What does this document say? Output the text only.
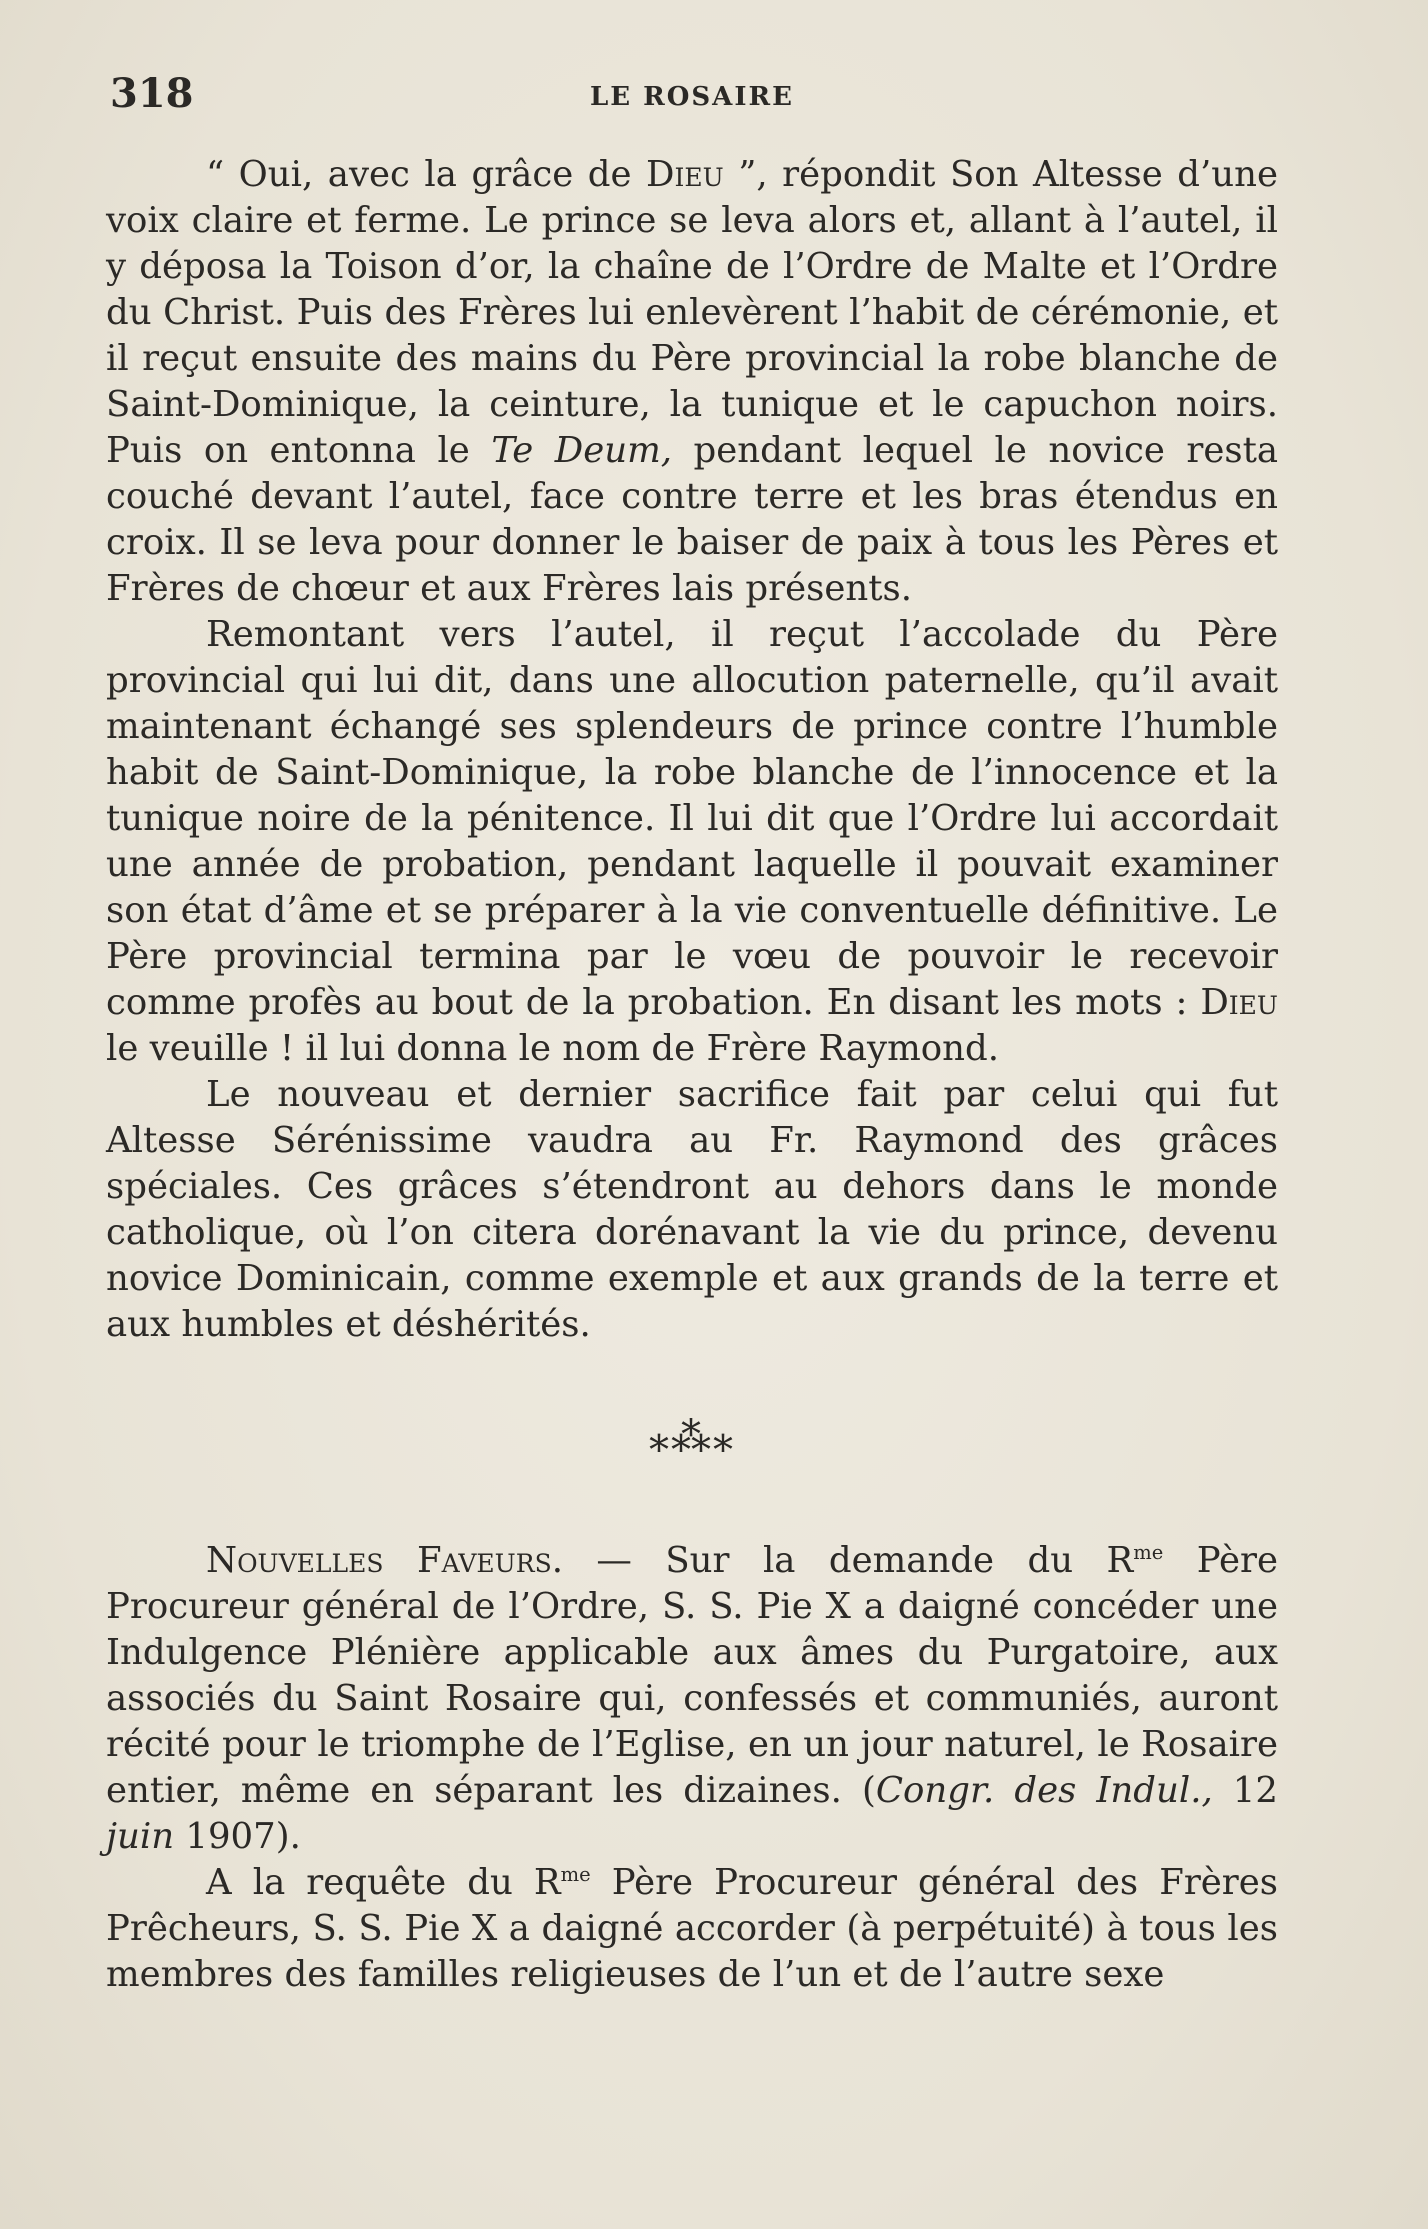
318	LE ROSAIRE

“ Oui, avec la grâce de Dieu ”, répondit Son Altesse d’une voix claire et ferme. Le prince se leva alors et, allant à l’autel, il y déposa la Toison d’or, la chaîne de l’Ordre de Malte et l’Ordre du Christ. Puis des Frères lui enlevèrent l’habit de cérémonie, et il reçut ensuite des mains du Père provincial la robe blanche de Saint-Dominique, la ceinture, la tunique et le capuchon noirs. Puis on entonna le Te Deum, pendant lequel le novice resta couché devant l’autel, face contre terre et les bras étendus en croix. Il se leva pour donner le baiser de paix à tous les Pères et Frères de chœur et aux Frères lais présents.

Remontant vers l’autel, il reçut l’accolade du Père provincial qui lui dit, dans une allocution paternelle, qu’il avait maintenant échangé ses splendeurs de prince contre l’humble habit de Saint-Dominique, la robe blanche de l’innocence et la tunique noire de la pénitence. Il lui dit que l’Ordre lui accordait une année de probation, pendant laquelle il pouvait examiner son état d’âme et se préparer à la vie conventuelle définitive. Le Père provincial termina par le vœu de pouvoir le recevoir comme profès au bout de la probation. En disant les mots : Dieu le veuille ! il lui donna le nom de Frère Raymond.

Le nouveau et dernier sacrifice fait par celui qui fut Altesse Sérénissime vaudra au Fr. Raymond des grâces spéciales. Ces grâces s’étendront au dehors dans le monde catholique, où l’on citera dorénavant la vie du prince, devenu novice Dominicain, comme exemple et aux grands de la terre et aux humbles et déshérités.

⁎⁂⁎

Nouvelles Faveurs. — Sur la demande du $R^{me}$ Père Procureur général de l’Ordre, S. S. Pie X a daigné concéder une Indulgence Plénière applicable aux âmes du Purgatoire, aux associés du Saint Rosaire qui, confessés et communiés, auront récité pour le triomphe de l’Eglise, en un jour naturel, le Rosaire entier, même en séparant les dizaines. (Congr. des Indul., 12 juin 1907).

A la requête du $R^{me}$ Père Procureur général des Frères Prêcheurs, S. S. Pie X a daigné accorder (à perpétuité) à tous les membres des familles religieuses de l’un et de l’autre sexe
